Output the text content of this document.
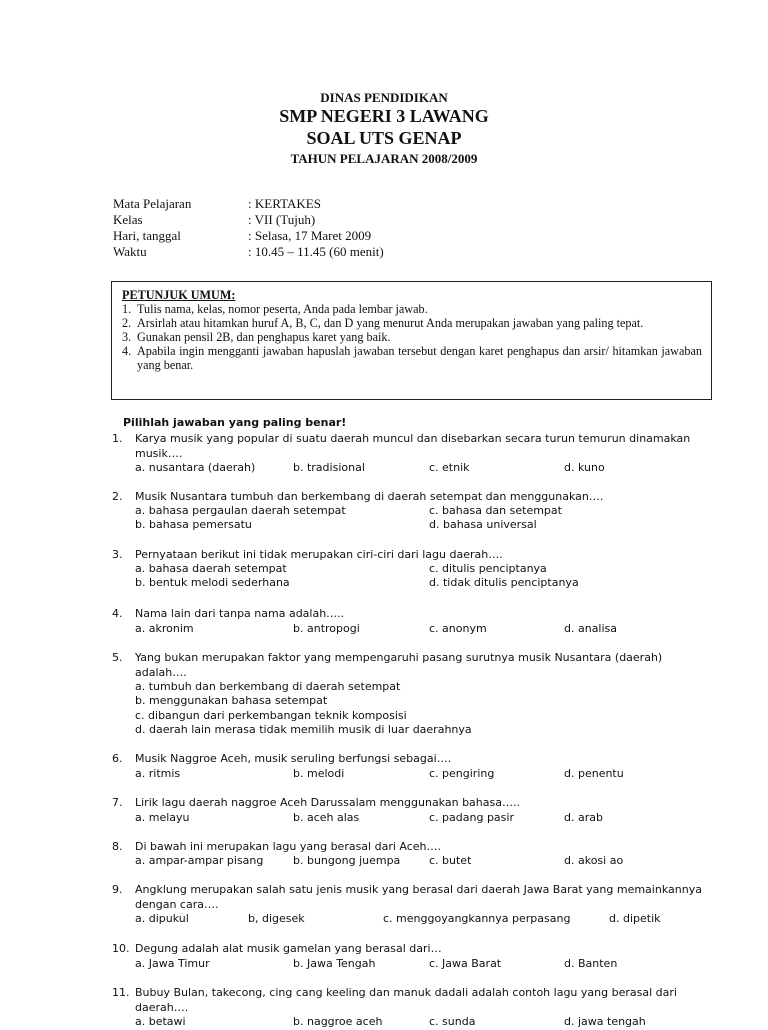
DINAS PENDIDIKAN
SMP NEGERI 3 LAWANG
SOAL UTS GENAP
TAHUN PELAJARAN 2008/2009
Mata Pelajaran	: KERTAKES
Kelas	: VII (Tujuh)
Hari, tanggal	: Selasa, 17 Maret 2009
Waktu	: 10.45 – 11.45 (60 menit)
PETUNJUK UMUM:
1. Tulis nama, kelas, nomor peserta, Anda pada lembar jawab.
2. Arsirlah atau hitamkan huruf A, B, C, dan D yang menurut Anda merupakan jawaban yang paling tepat.
3. Gunakan pensil 2B, dan penghapus karet yang baik.
4. Apabila ingin mengganti jawaban hapuslah jawaban tersebut dengan karet penghapus dan arsir/ hitamkan jawaban yang benar.
Pilihlah jawaban yang paling benar!
1. Karya musik yang popular di suatu daerah muncul dan disebarkan secara turun temurun dinamakan musik….
a. nusantara (daerah)	b. tradisional	c. etnik	d. kuno
2. Musik Nusantara tumbuh dan berkembang di daerah setempat dan menggunakan….
a. bahasa pergaulan daerah setempat	c. bahasa dan setempat
b. bahasa pemersatu	d. bahasa universal
3. Pernyataan berikut ini tidak merupakan ciri-ciri dari lagu daerah….
a. bahasa daerah setempat	c. ditulis penciptanya
b. bentuk melodi sederhana	d. tidak ditulis penciptanya
4. Nama lain dari tanpa nama adalah…..
a. akronim	b. antropogi	c. anonym	d. analisa
5. Yang bukan merupakan faktor yang mempengaruhi pasang surutnya musik Nusantara (daerah) adalah….
a. tumbuh dan berkembang di daerah setempat
b. menggunakan bahasa setempat
c. dibangun dari perkembangan teknik komposisi
d. daerah lain merasa tidak memilih musik di luar daerahnya
6. Musik Naggroe Aceh, musik seruling berfungsi sebagai….
a. ritmis	b. melodi	c. pengiring	d. penentu
7. Lirik lagu daerah naggroe Aceh Darussalam menggunakan bahasa…..
a. melayu	b. aceh alas	c. padang pasir	d. arab
8. Di bawah ini merupakan lagu yang berasal dari Aceh….
a. ampar-ampar pisang	b. bungong juempa	c. butet	d. akosi ao
9. Angklung merupakan salah satu jenis musik yang berasal dari daerah Jawa Barat yang memainkannya dengan cara….
a. dipukul	b, digesek	c. menggoyangkannya perpasang	d. dipetik
10. Degung adalah alat musik gamelan yang berasal dari…
a. Jawa Timur	b. Jawa Tengah	c. Jawa Barat	d. Banten
11. Bubuy Bulan, takecong, cing cang keeling dan manuk dadali adalah contoh lagu yang berasal dari daerah….
a. betawi	b. naggroe aceh	c. sunda	d. jawa tengah
